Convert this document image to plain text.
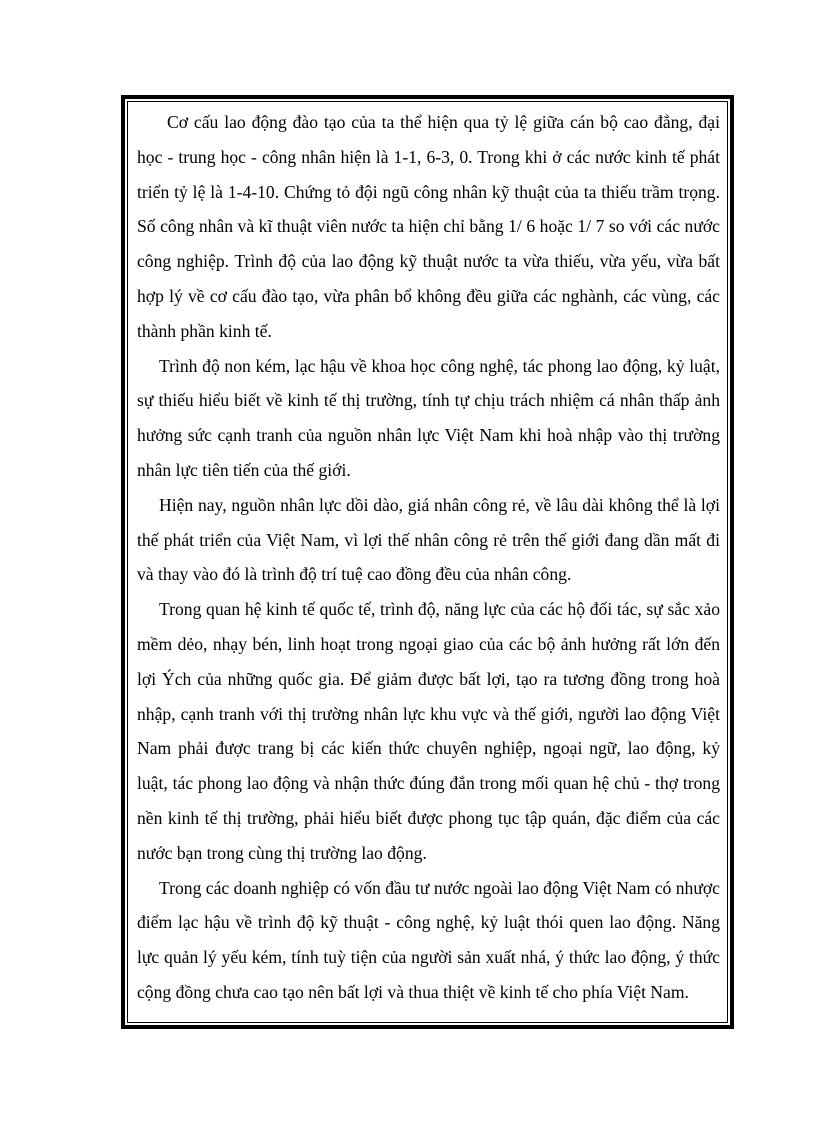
Cơ cấu lao động đào tạo của ta thể hiện qua tỷ lệ giữa cán bộ cao đẳng, đại học - trung học - công nhân hiện là 1-1, 6-3, 0. Trong khi ở các nước kinh tế phát triển tỷ lệ là 1-4-10. Chứng tỏ đội ngũ công nhân kỹ thuật của ta thiếu trầm trọng. Số công nhân và kĩ thuật viên nước ta hiện chỉ bằng 1/ 6 hoặc 1/ 7 so với các nước công nghiệp. Trình độ của lao động kỹ thuật nước ta vừa thiếu, vừa yếu, vừa bất hợp lý về cơ cấu đào tạo, vừa phân bổ không đều giữa các nghành, các vùng, các thành phần kinh tế.

Trình độ non kém, lạc hậu về khoa học công nghệ, tác phong lao động, kỷ luật, sự thiếu hiểu biết về kinh tế thị trường, tính tự chịu trách nhiệm cá nhân thấp ảnh hưởng sức cạnh tranh của nguồn nhân lực Việt Nam khi hoà nhập vào thị trường nhân lực tiên tiến của thế giới.

Hiện nay, nguồn nhân lực dồi dào, giá nhân công rẻ, về lâu dài không thể là lợi thế phát triển của Việt Nam, vì lợi thế nhân công rẻ trên thế giới đang dần mất đi và thay vào đó là trình độ trí tuệ cao đồng đều của nhân công.

Trong quan hệ kinh tế quốc tế, trình độ, năng lực của các hộ đối tác, sự sắc xảo mềm dẻo, nhạy bén, linh hoạt trong ngoại giao của các bộ ảnh hưởng rất lớn đến lợi Ých của những quốc gia. Để giảm được bất lợi, tạo ra tương đồng trong hoà nhập, cạnh tranh với thị trường nhân lực khu vực và thế giới, người lao động Việt Nam phải được trang bị các kiến thức chuyên nghiệp, ngoại ngữ, lao động, kỷ luật, tác phong lao động và nhận thức đúng đắn trong mối quan hệ chủ - thợ trong nền kinh tế thị trường, phải hiểu biết được phong tục tập quán, đặc điểm của các nước bạn trong cùng thị trường lao động.

Trong các doanh nghiệp có vốn đầu tư nước ngoài lao động Việt Nam có nhược điểm lạc hậu về trình độ kỹ thuật - công nghệ, kỷ luật thói quen lao động. Năng lực quản lý yếu kém, tính tuỳ tiện của người sản xuất nhá, ý thức lao động, ý thức cộng đồng chưa cao tạo nên bất lợi và thua thiệt về kinh tế cho phía Việt Nam.
